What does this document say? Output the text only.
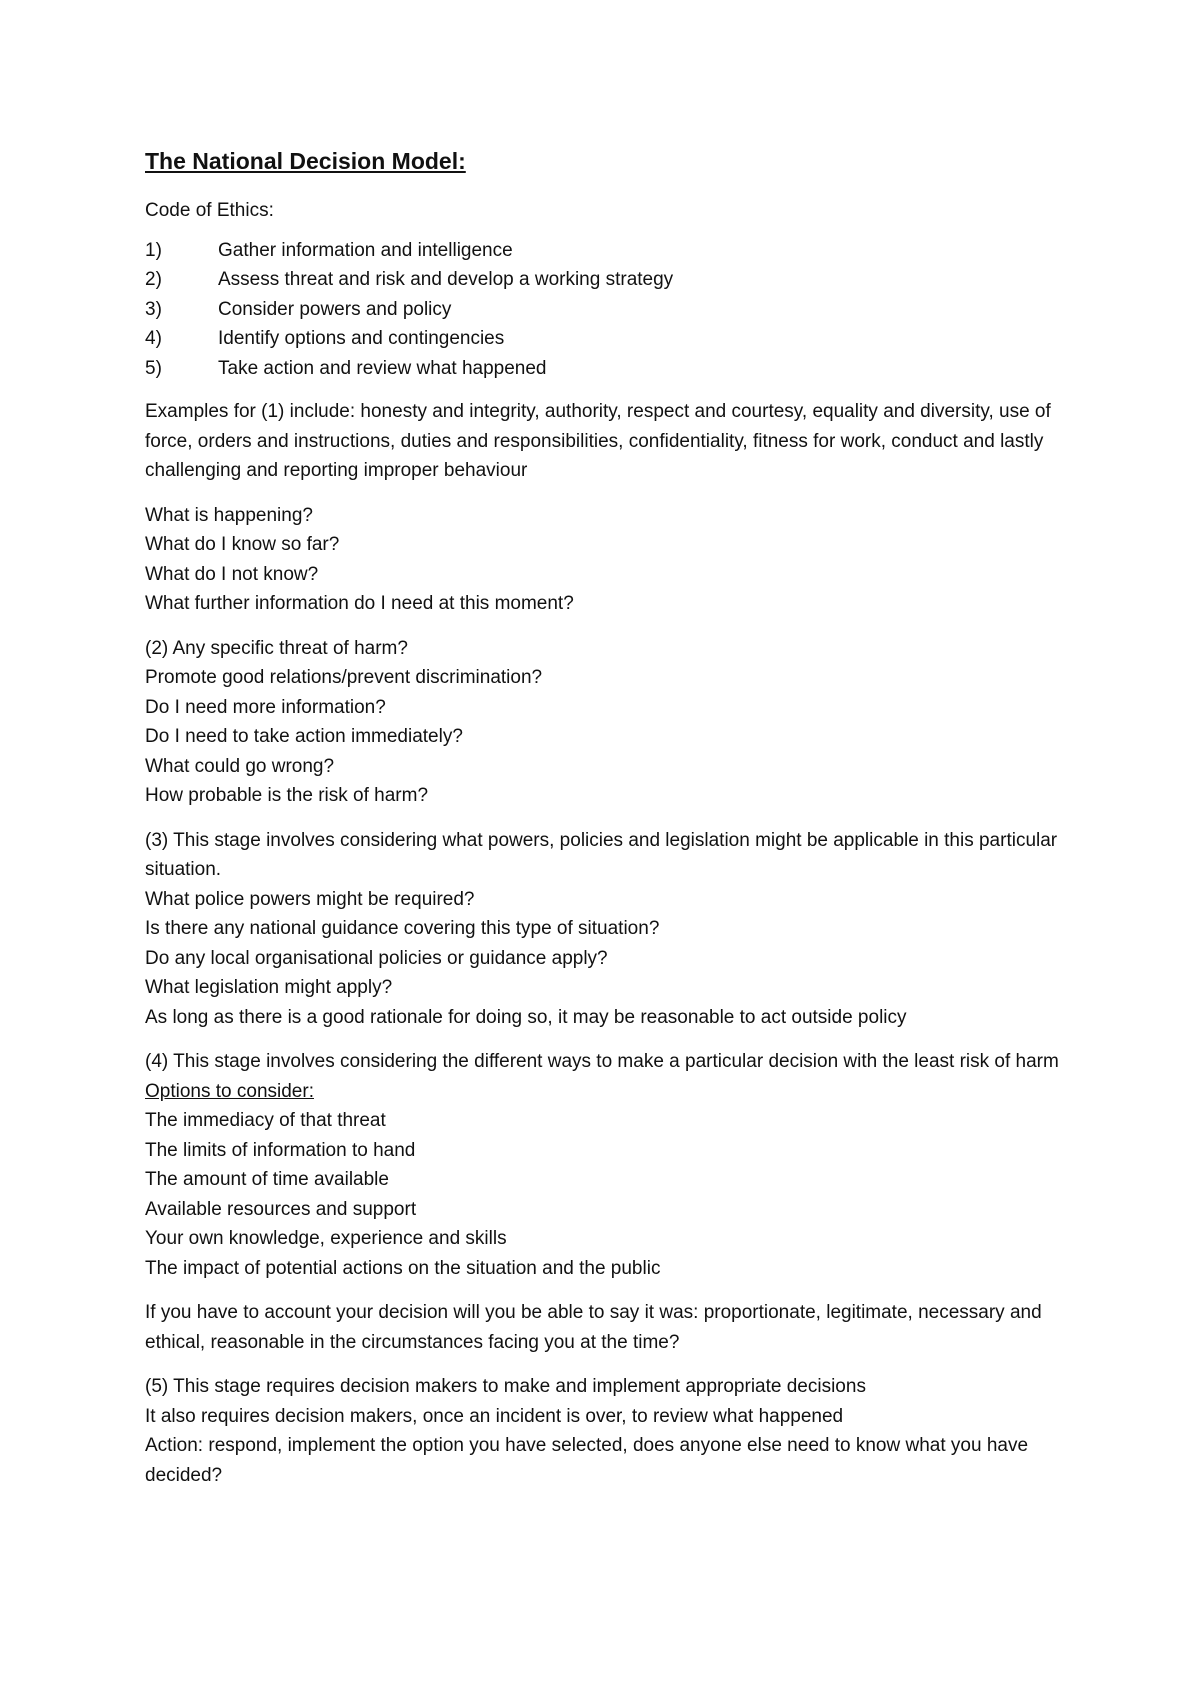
The National Decision Model:

Code of Ethics:

1)	Gather information and intelligence
2)	Assess threat and risk and develop a working strategy
3)	Consider powers and policy
4)	Identify options and contingencies
5)	Take action and review what happened

Examples for (1) include: honesty and integrity, authority, respect and courtesy, equality and diversity, use of force, orders and instructions, duties and responsibilities, confidentiality, fitness for work, conduct and lastly challenging and reporting improper behaviour

What is happening?

What do I know so far?

What do I not know?

What further information do I need at this moment?

(2) Any specific threat of harm?

Promote good relations/prevent discrimination?

Do I need more information?

Do I need to take action immediately?

What could go wrong?

How probable is the risk of harm?

(3) This stage involves considering what powers, policies and legislation might be applicable in this particular situation.

What police powers might be required?

Is there any national guidance covering this type of situation?

Do any local organisational policies or guidance apply?

What legislation might apply?

As long as there is a good rationale for doing so, it may be reasonable to act outside policy

(4) This stage involves considering the different ways to make a particular decision with the least risk of harm

Options to consider:

The immediacy of that threat

The limits of information to hand

The amount of time available

Available resources and support

Your own knowledge, experience and skills

The impact of potential actions on the situation and the public

If you have to account your decision will you be able to say it was: proportionate, legitimate, necessary and ethical, reasonable in the circumstances facing you at the time?

(5) This stage requires decision makers to make and implement appropriate decisions

It also requires decision makers, once an incident is over, to review what happened

Action: respond, implement the option you have selected, does anyone else need to know what you have decided?
